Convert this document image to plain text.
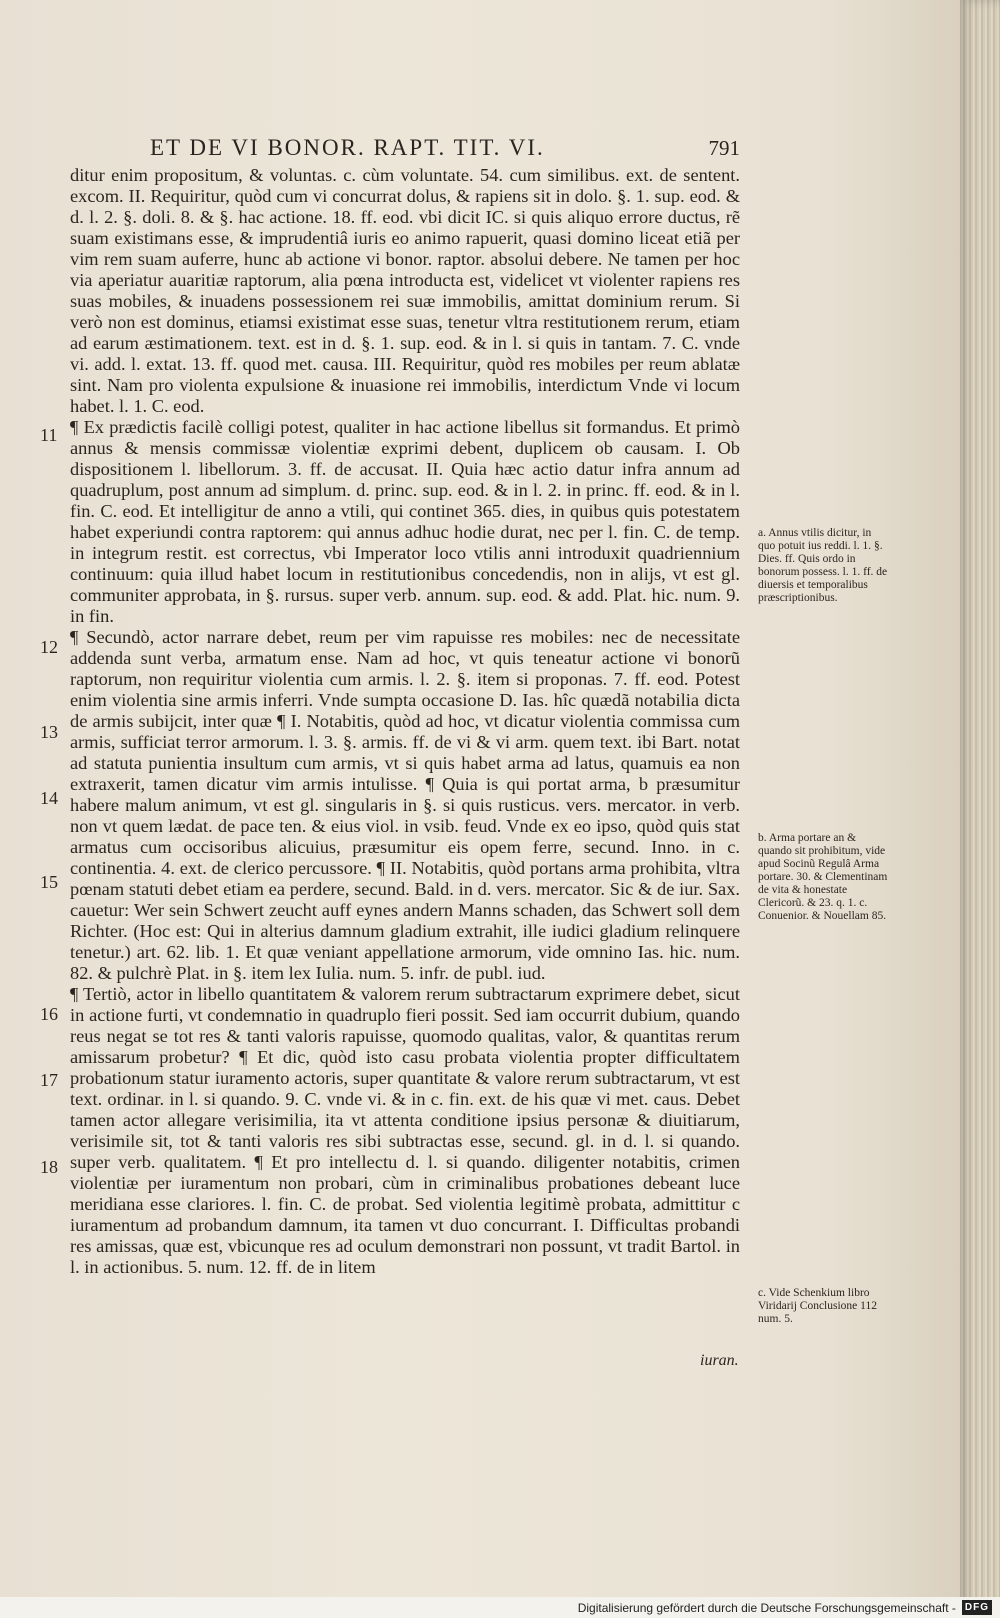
ET DE VI BONOR. RAPT. TIT. VI.	791

ditur enim propositum, & voluntas. c. cùm voluntate. 54. cum similibus. ext. de sentent. excom. II. Requiritur, quòd cum vi concurrat dolus, & rapiens sit in dolo. §. 1. sup. eod. & d. l. 2. §. doli. 8. & §. hac actione. 18. ff. eod. vbi dicit IC. si quis aliquo errore ductus, rẽ suam existimans esse, & imprudentiâ iuris eo animo rapuerit, quasi domino liceat etiã per vim rem suam auferre, hunc ab actione vi bonor. raptor. absolui debere. Ne tamen per hoc via aperiatur auaritiæ raptorum, alia pœna introducta est, videlicet vt violenter rapiens res suas mobiles, & inuadens possessionem rei suæ immobilis, amittat dominium rerum. Si verò non est dominus, etiamsi existimat esse suas, tenetur vltra restitutionem rerum, etiam ad earum æstimationem. text. est in d. §. 1. sup. eod. & in l. si quis in tantam. 7. C. vnde vi. add. l. extat. 13. ff. quod met. causa. III. Requiritur, quòd res mobiles per reum ablatæ sint. Nam pro violenta expulsione & inuasione rei immobilis, interdictum Vnde vi locum habet. l. 1. C. eod.

¶ Ex prædictis facilè colligi potest, qualiter in hac actione libellus sit formandus. Et primò annus & mensis commissæ violentiæ exprimi debent, duplicem ob causam. I. Ob dispositionem l. libellorum. 3. ff. de accusat. II. Quia hæc actio datur infra annum ad quadruplum, post annum ad simplum. d. princ. sup. eod. & in l. 2. in princ. ff. eod. & in l. fin. C. eod. Et intelligitur de anno a vtili, qui continet 365. dies, in quibus quis potestatem habet experiundi contra raptorem: qui annus adhuc hodie durat, nec per l. fin. C. de temp. in integrum restit. est correctus, vbi Imperator loco vtilis anni introduxit quadriennium continuum: quia illud habet locum in restitutionibus concedendis, non in alijs, vt est gl. communiter approbata, in §. rursus. super verb. annum. sup. eod. & add. Plat. hic. num. 9. in fin.

¶ Secundò, actor narrare debet, reum per vim rapuisse res mobiles: nec de necessitate addenda sunt verba, armatum ense. Nam ad hoc, vt quis teneatur actione vi bonorũ raptorum, non requiritur violentia cum armis. l. 2. §. item si proponas. 7. ff. eod. Potest enim violentia sine armis inferri. Vnde sumpta occasione D. Ias. hîc quædã notabilia dicta de armis subijcit, inter quæ ¶ I. Notabitis, quòd ad hoc, vt dicatur violentia commissa cum armis, sufficiat terror armorum. l. 3. §. armis. ff. de vi & vi arm. quem text. ibi Bart. notat ad statuta punientia insultum cum armis, vt si quis habet arma ad latus, quamuis ea non extraxerit, tamen dicatur vim armis intulisse. ¶ Quia is qui portat arma, b præsumitur habere malum animum, vt est gl. singularis in §. si quis rusticus. vers. mercator. in verb. non vt quem lædat. de pace ten. & eius viol. in vsib. feud. Vnde ex eo ipso, quòd quis stat armatus cum occisoribus alicuius, præsumitur eis opem ferre, secund. Inno. in c. continentia. 4. ext. de clerico percussore. ¶ II. Notabitis, quòd portans arma prohibita, vltra pœnam statuti debet etiam ea perdere, secund. Bald. in d. vers. mercator. Sic & de iur. Sax. cauetur: Wer sein Schwert zeucht auff eynes andern Manns schaden, das Schwert soll dem Richter. (Hoc est: Qui in alterius damnum gladium extrahit, ille iudici gladium relinquere tenetur.) art. 62. lib. 1. Et quæ veniant appellatione armorum, vide omnino Ias. hic. num. 82. & pulchrè Plat. in §. item lex Iulia. num. 5. infr. de publ. iud.

¶ Tertiò, actor in libello quantitatem & valorem rerum subtractarum exprimere debet, sicut in actione furti, vt condemnatio in quadruplo fieri possit. Sed iam occurrit dubium, quando reus negat se tot res & tanti valoris rapuisse, quomodo qualitas, valor, & quantitas rerum amissarum probetur? ¶ Et dic, quòd isto casu probata violentia propter difficultatem probationum statur iuramento actoris, super quantitate & valore rerum subtractarum, vt est text. ordinar. in l. si quando. 9. C. vnde vi. & in c. fin. ext. de his quæ vi met. caus. Debet tamen actor allegare verisimilia, ita vt attenta conditione ipsius personæ & diuitiarum, verisimile sit, tot & tanti valoris res sibi subtractas esse, secund. gl. in d. l. si quando. super verb. qualitatem. ¶ Et pro intellectu d. l. si quando. diligenter notabitis, crimen violentiæ per iuramentum non probari, cùm in criminalibus probationes debeant luce meridiana esse clariores. l. fin. C. de probat. Sed violentia legitimè probata, admittitur c iuramentum ad probandum damnum, ita tamen vt duo concurrant. I. Difficultas probandi res amissas, quæ est, vbicunque res ad oculum demonstrari non possunt, vt tradit Bartol. in l. in actionibus. 5. num. 12. ff. de in litem

11
12
13
14
15
16
17
18
a. Annus vtilis dicitur, in quo potuit ius reddi. l. 1. §. Dies. ff. Quis ordo in bonorum possess. l. 1. ff. de diuersis et temporalibus præscriptionibus.
b. Arma portare an & quando sit prohibitum, vide apud Socinũ Regulâ Arma portare. 30. & Clementinam de vita & honestate Clericorũ. & 23. q. 1. c. Conuenior. & Nouellam 85.
c. Vide Schenkium libro Viridarij Conclusione 112 num. 5.
iuran.
Digitalisierung gefördert durch die Deutsche Forschungsgemeinschaft - DFG
